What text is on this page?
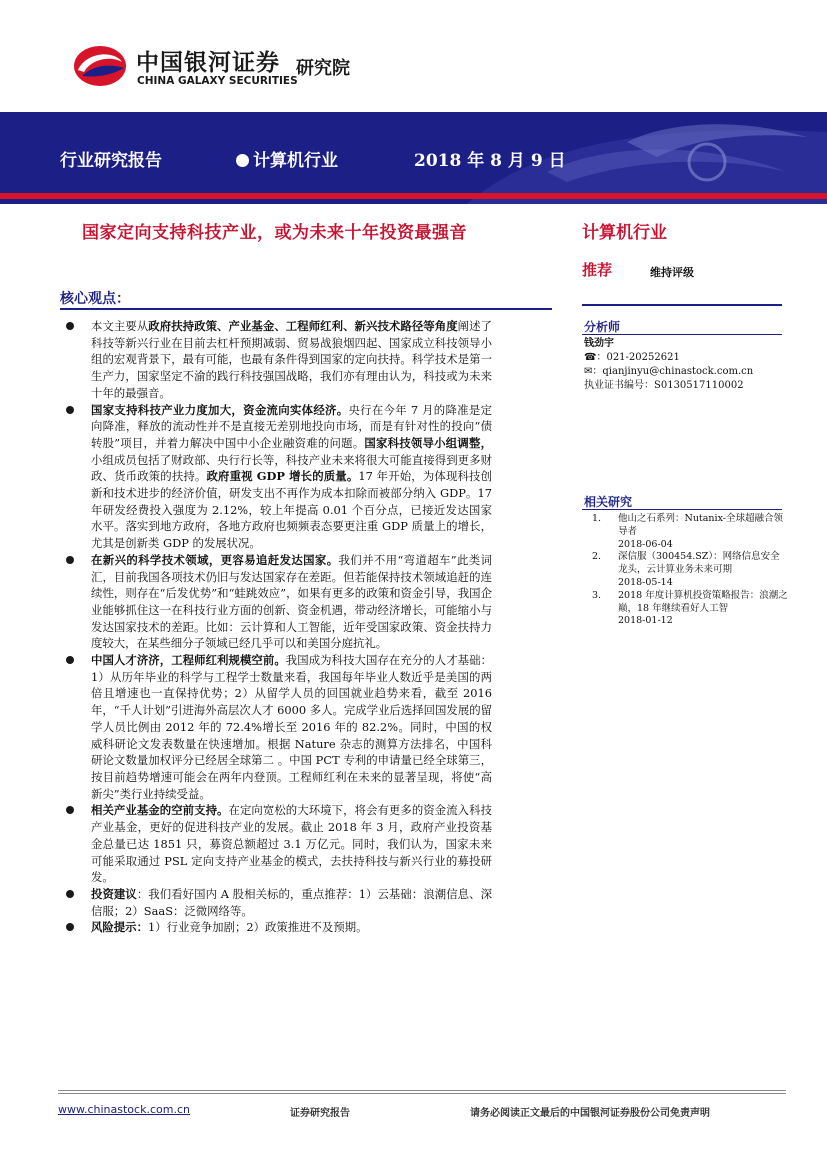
中国银河证券
CHINA GALAXY SECURITIES
研究院
行业研究报告	计算机行业	2018 年 8 月 9 日
国家定向支持科技产业，或为未来十年投资最强音
核心观点：
本文主要从政府扶持政策、产业基金、工程师红利、新兴技术路径等角度阐述了科技等新兴行业在目前去杠杆预期减弱、贸易战狼烟四起、国家成立科技领导小组的宏观背景下，最有可能，也最有条件得到国家的定向扶持。科学技术是第一生产力，国家坚定不渝的践行科技强国战略，我们亦有理由认为，科技或为未来十年的最强音。
国家支持科技产业力度加大，资金流向实体经济。央行在今年 7 月的降准是定向降准，释放的流动性并不是直接无差别地投向市场，而是有针对性的投向“债转股”项目，并着力解决中国中小企业融资难的问题。国家科技领导小组调整，小组成员包括了财政部、央行行长等，科技产业未来将很大可能直接得到更多财政、货币政策的扶持。政府重视 GDP 增长的质量。17 年开始，为体现科技创新和技术进步的经济价值，研发支出不再作为成本扣除而被部分纳入 GDP。17 年研发经费投入强度为 2.12%，较上年提高 0.01 个百分点，已接近发达国家水平。落实到地方政府，各地方政府也频频表态要更注重 GDP 质量上的增长，尤其是创新类 GDP 的发展状况。
在新兴的科学技术领域，更容易追赶发达国家。我们并不用“弯道超车”此类词汇，目前我国各项技术仍旧与发达国家存在差距。但若能保持技术领域追赶的连续性，则存在“后发优势”和“蛙跳效应”，如果有更多的政策和资金引导，我国企业能够抓住这一在科技行业方面的创新、资金机遇，带动经济增长，可能缩小与发达国家技术的差距。比如：云计算和人工智能，近年受国家政策、资金扶持力度较大，在某些细分子领域已经几乎可以和美国分庭抗礼。
中国人才济济，工程师红利规模空前。我国成为科技大国存在充分的人才基础：1）从历年毕业的科学与工程学士数量来看，我国每年毕业人数近乎是美国的两倍且增速也一直保持优势；2）从留学人员的回国就业趋势来看，截至 2016 年，“千人计划”引进海外高层次人才 6000 多人。完成学业后选择回国发展的留学人员比例由 2012 年的 72.4%增长至 2016 年的 82.2%。同时，中国的权威科研论文发表数量在快速增加。根据 Nature 杂志的测算方法排名，中国科研论文数量加权评分已经居全球第二 。中国 PCT 专利的申请量已经全球第三，按目前趋势增速可能会在两年内登顶。工程师红利在未来的显著呈现，将使“高新尖”类行业持续受益。
相关产业基金的空前支持。在定向宽松的大环境下，将会有更多的资金流入科技产业基金，更好的促进科技产业的发展。截止 2018 年 3 月，政府产业投资基金总量已达 1851 只，募资总额超过 3.1 万亿元。同时，我们认为，国家未来可能采取通过 PSL 定向支持产业基金的模式，去扶持科技与新兴行业的募投研发。
投资建议：我们看好国内 A 股相关标的，重点推荐：1）云基础：浪潮信息、深信服；2）SaaS：泛微网络等。
风险提示：1）行业竞争加剧；2）政策推进不及预期。
计算机行业
推荐	维持评级
分析师
钱劲宇
☎：021-20252621
✉：qianjinyu@chinastock.com.cn
执业证书编号：S0130517110002
相关研究
1. 他山之石系列：Nutanix-全球超融合领导者
2018-06-04
2. 深信服（300454.SZ）：网络信息安全龙头，云计算业务未来可期
2018-05-14
3. 2018 年度计算机投资策略报告：浪潮之巅，18 年继续看好人工智
2018-01-12
www.chinastock.com.cn	证券研究报告	请务必阅读正文最后的中国银河证券股份公司免责声明
